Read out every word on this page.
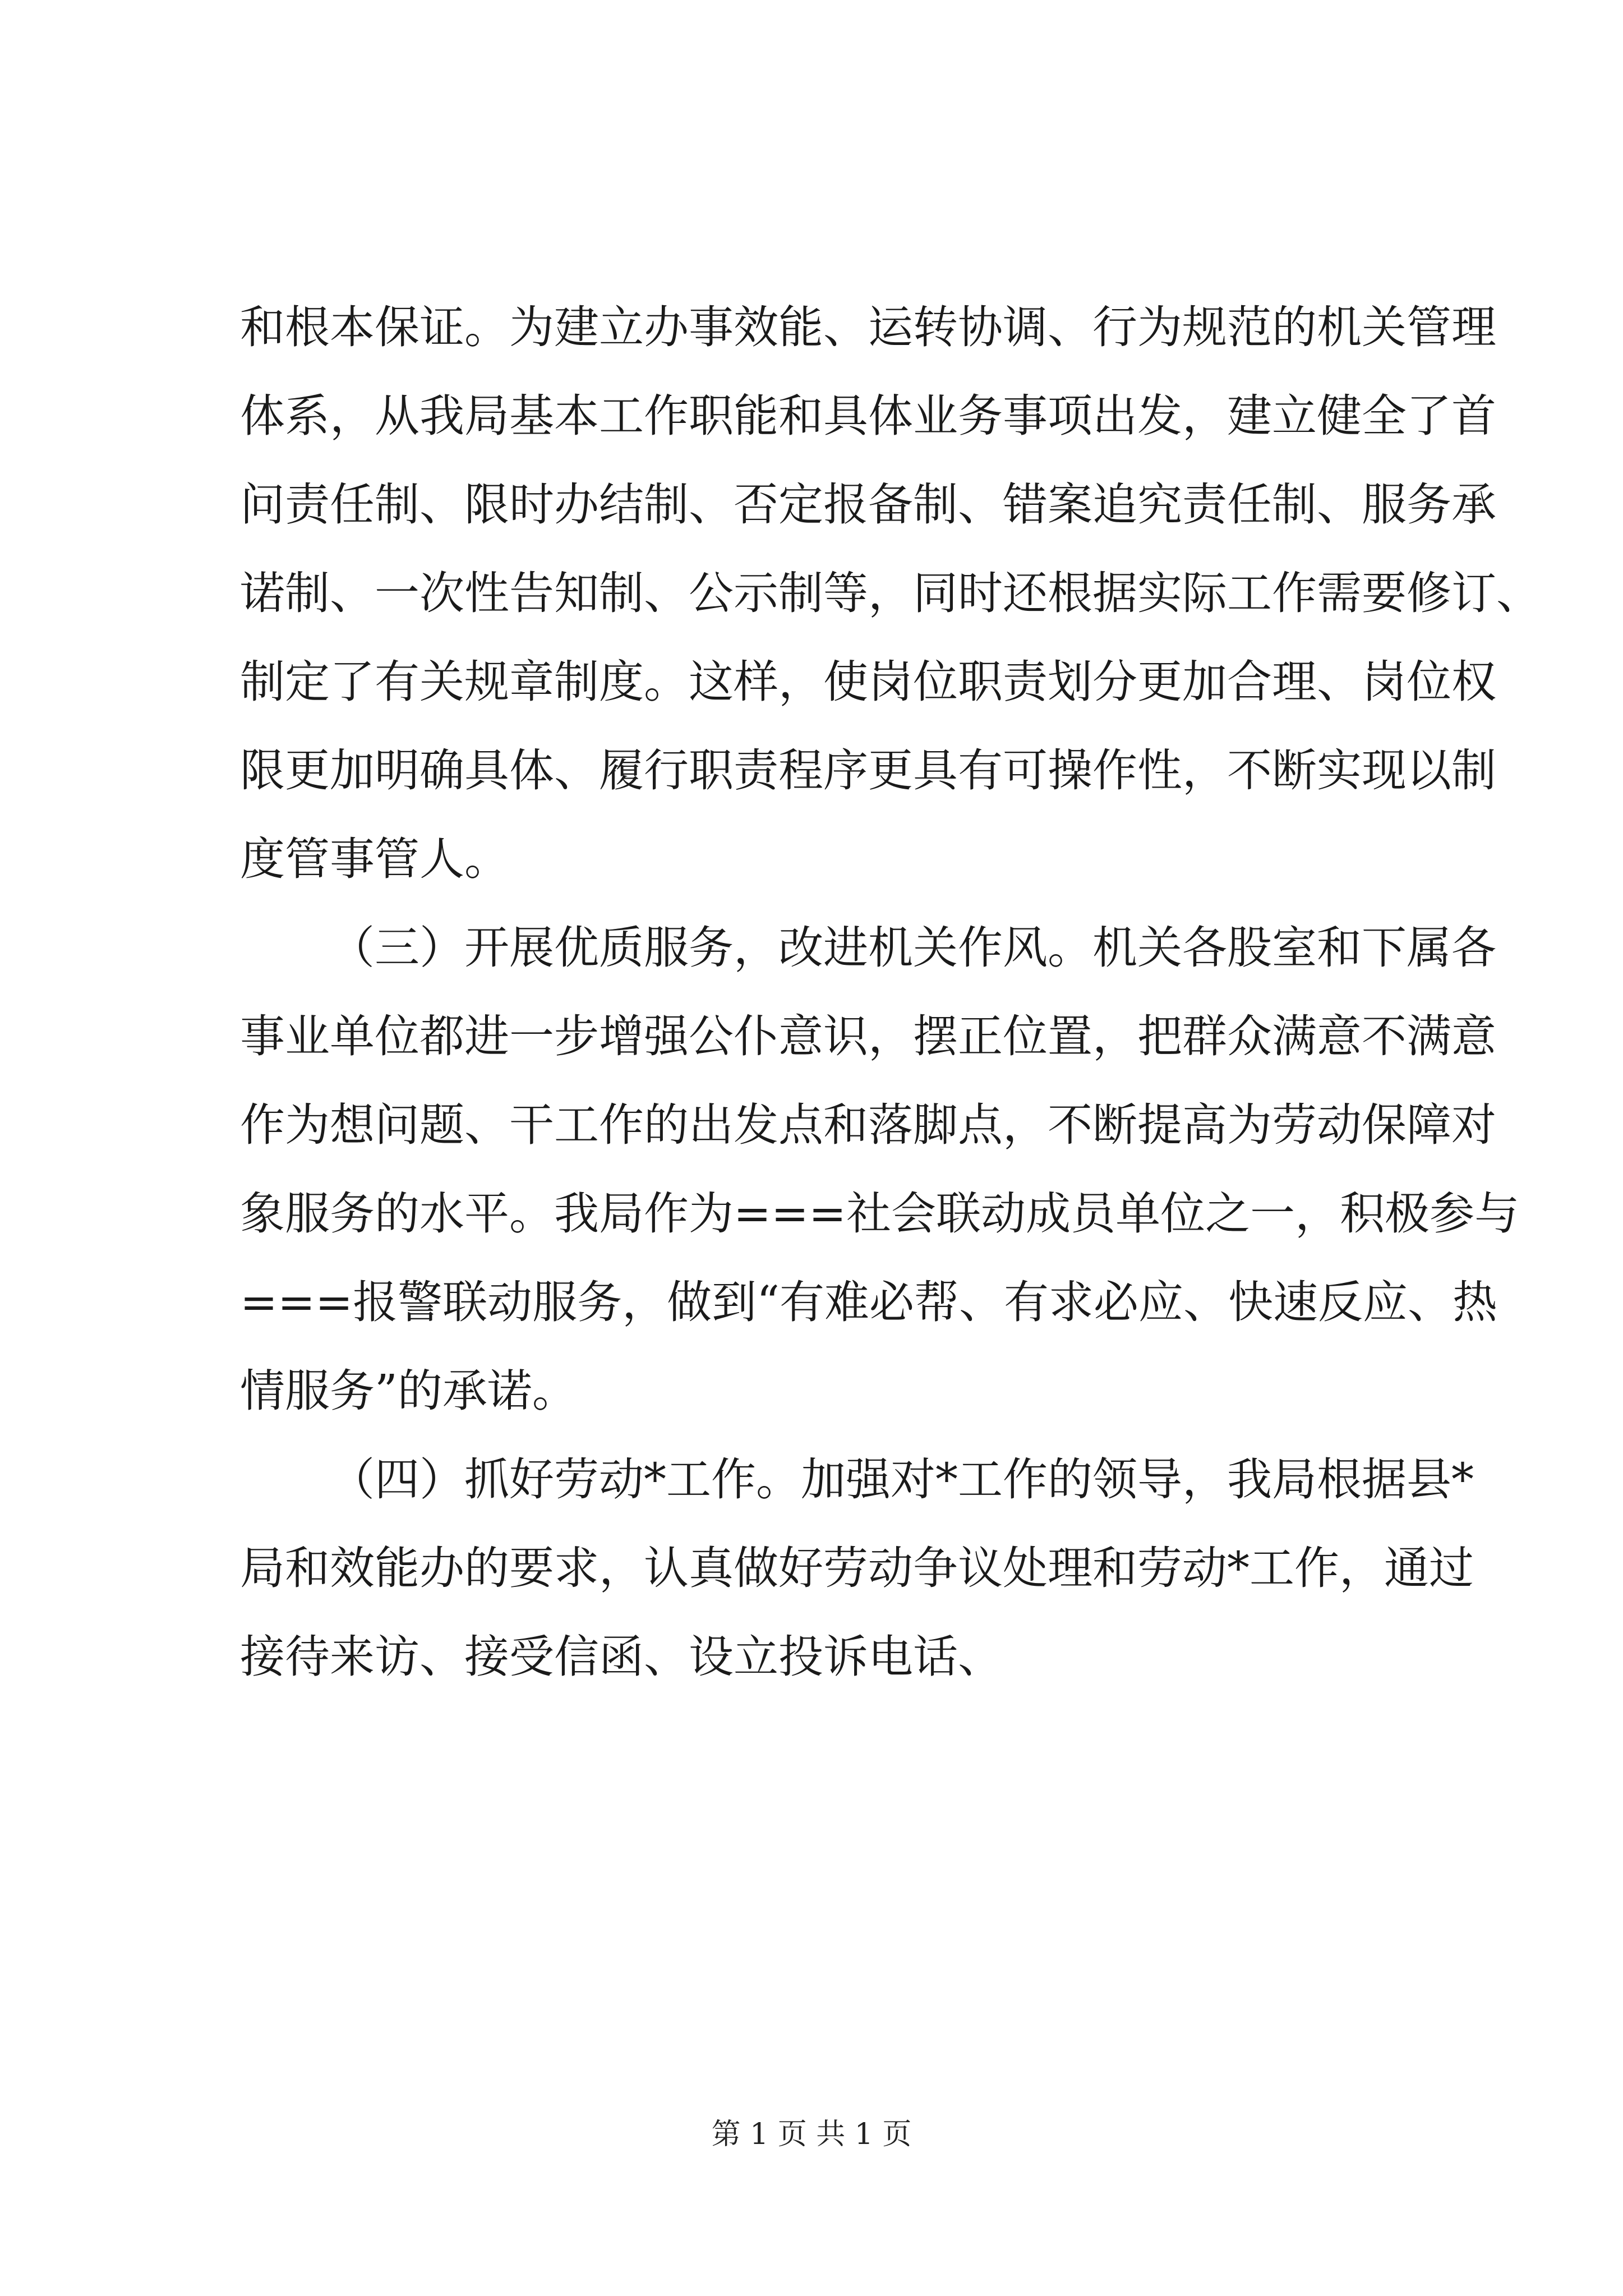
和根本保证。为建立办事效能、运转协调、行为规范的机关管理
体系，从我局基本工作职能和具体业务事项出发，建立健全了首
问责任制、限时办结制、否定报备制、错案追究责任制、服务承
诺制、一次性告知制、公示制等，同时还根据实际工作需要修订、
制定了有关规章制度。这样，使岗位职责划分更加合理、岗位权
限更加明确具体、履行职责程序更具有可操作性，不断实现以制
度管事管人。
（三）开展优质服务，改进机关作风。机关各股室和下属各
事业单位都进一步增强公仆意识，摆正位置，把群众满意不满意
作为想问题、干工作的出发点和落脚点，不断提高为劳动保障对
象服务的水平。我局作为===社会联动成员单位之一，积极参与
===报警联动服务，做到“有难必帮、有求必应、快速反应、热
情服务”的承诺。
（四）抓好劳动*工作。加强对*工作的领导，我局根据县*
局和效能办的要求，认真做好劳动争议处理和劳动*工作，通过
接待来访、接受信函、设立投诉电话、
第 1 页 共 1 页
